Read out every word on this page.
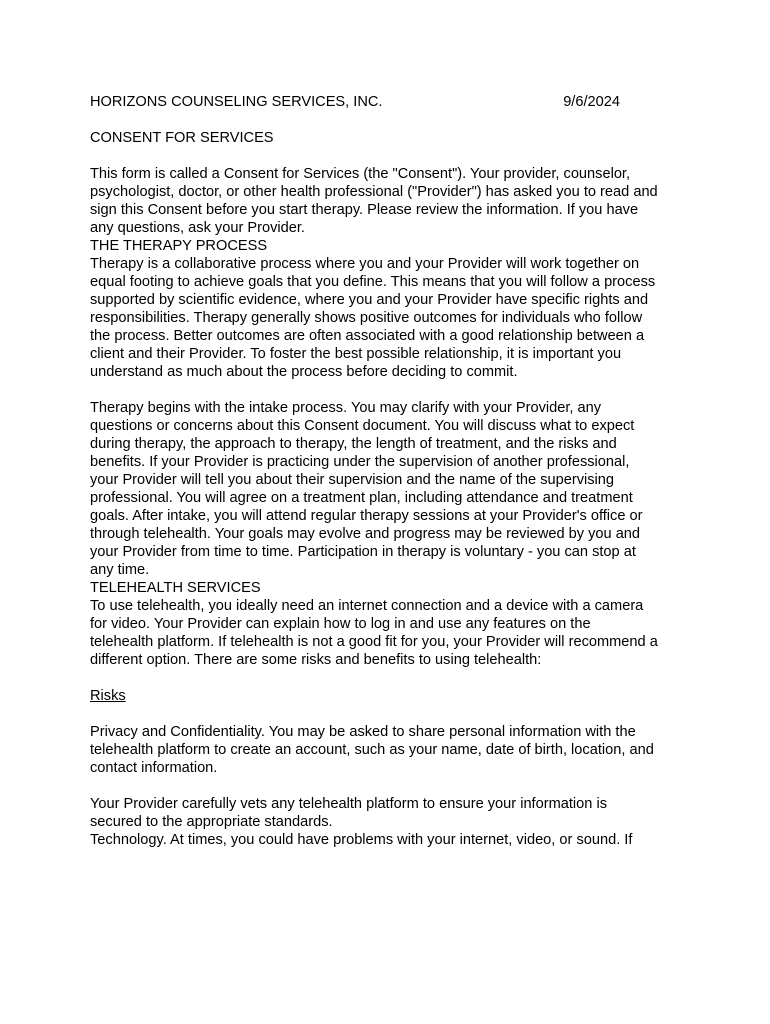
HORIZONS COUNSELING SERVICES, INC.	9/6/2024

CONSENT FOR SERVICES

This form is called a Consent for Services (the "Consent"). Your provider, counselor,
psychologist, doctor, or other health professional ("Provider") has asked you to read and
sign this Consent before you start therapy. Please review the information. If you have
any questions, ask your Provider.

THE THERAPY PROCESS

Therapy is a collaborative process where you and your Provider will work together on
equal footing to achieve goals that you define. This means that you will follow a process
supported by scientific evidence, where you and your Provider have specific rights and
responsibilities. Therapy generally shows positive outcomes for individuals who follow
the process. Better outcomes are often associated with a good relationship between a
client and their Provider. To foster the best possible relationship, it is important you
understand as much about the process before deciding to commit.

Therapy begins with the intake process. You may clarify with your Provider, any
questions or concerns about this Consent document. You will discuss what to expect
during therapy, the approach to therapy, the length of treatment, and the risks and
benefits. If your Provider is practicing under the supervision of another professional,
your Provider will tell you about their supervision and the name of the supervising
professional. You will agree on a treatment plan, including attendance and treatment
goals. After intake, you will attend regular therapy sessions at your Provider's office or
through telehealth. Your goals may evolve and progress may be reviewed by you and
your Provider from time to time. Participation in therapy is voluntary - you can stop at
any time.

TELEHEALTH SERVICES

To use telehealth, you ideally need an internet connection and a device with a camera
for video. Your Provider can explain how to log in and use any features on the
telehealth platform. If telehealth is not a good fit for you, your Provider will recommend a
different option. There are some risks and benefits to using telehealth:

Risks

Privacy and Confidentiality. You may be asked to share personal information with the
telehealth platform to create an account, such as your name, date of birth, location, and
contact information.

Your Provider carefully vets any telehealth platform to ensure your information is
secured to the appropriate standards.

Technology. At times, you could have problems with your internet, video, or sound. If
